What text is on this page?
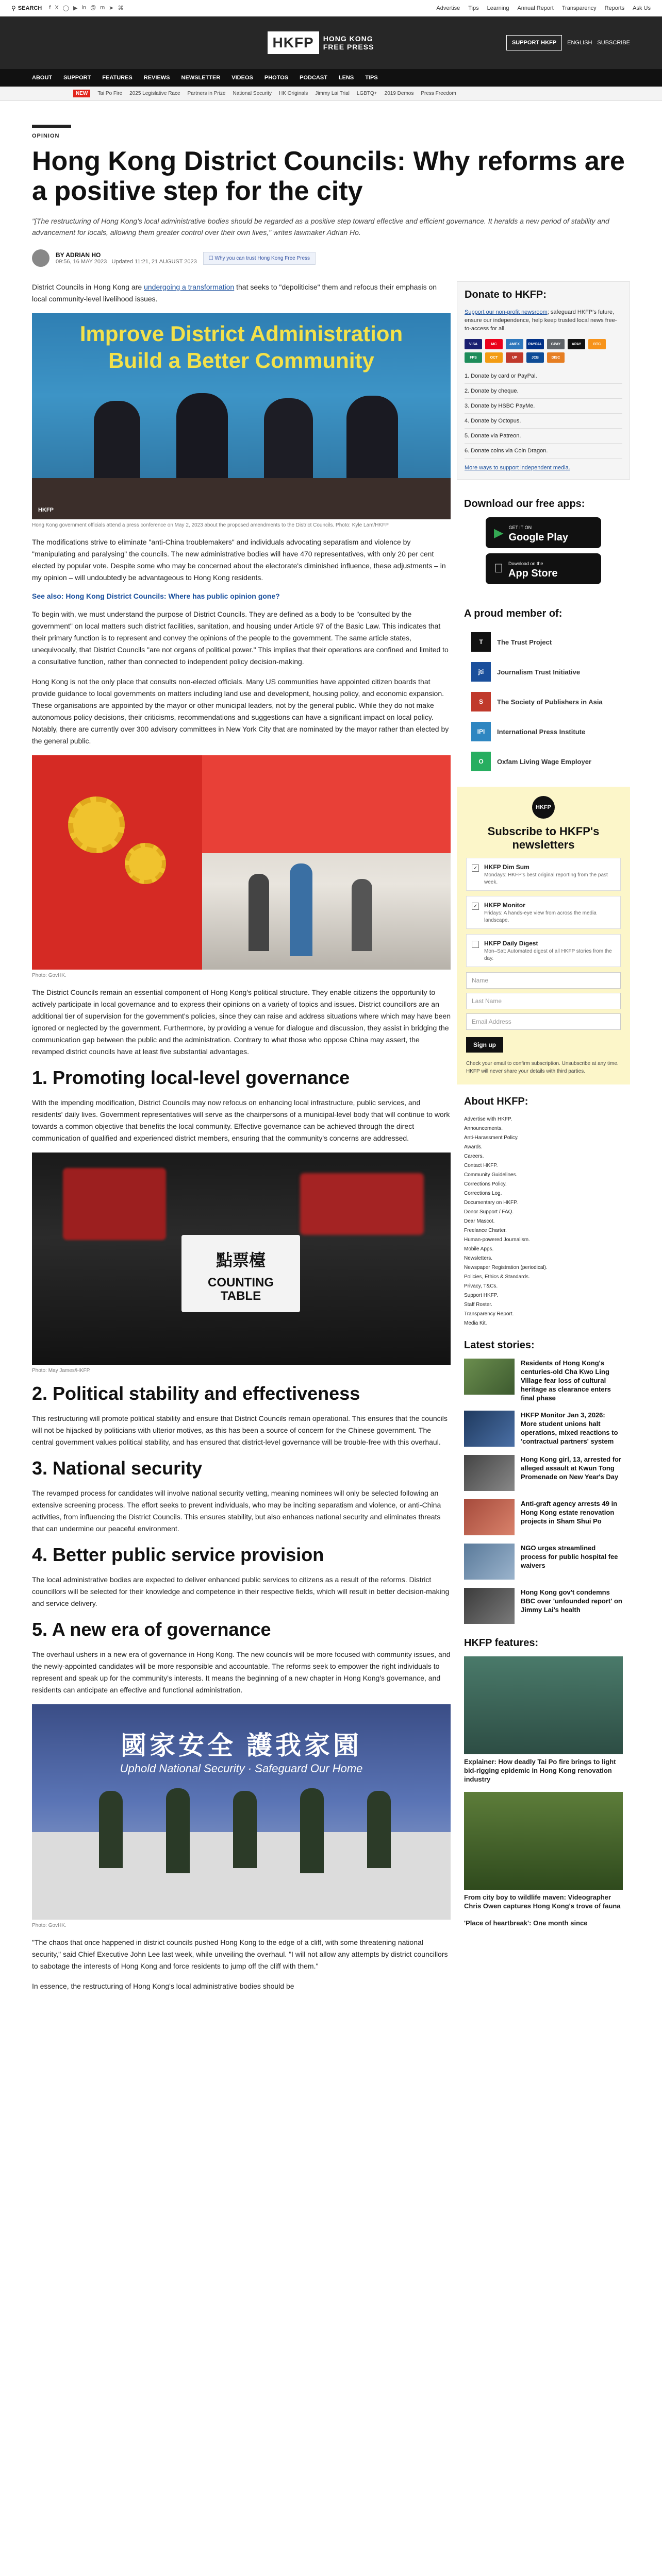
⚲ SEARCH f X ◯ ▶ in @ m ➤ ⌘	Advertise Tips Learning Annual Report Transparency Reports Ask Us
HKFP	HONG KONG
FREE PRESS	SUPPORT HKFP	ENGLISH SUBSCRIBE
ABOUT SUPPORT FEATURES REVIEWS NEWSLETTER VIDEOS PHOTOS PODCAST LENS TIPS
NEW	Tai Po Fire 2025 Legislative Race Partners in Prize National Security HK Originals Jimmy Lai Trial LGBTQ+ 2019 Demos Press Freedom
OPINION
Hong Kong District Councils: Why reforms are a positive step for the city

"[The restructuring of Hong Kong's local administrative bodies should be regarded as a positive step toward effective and efficient governance. It heralds a new period of stability and advancement for locals, allowing them greater control over their own lives," writes lawmaker Adrian Ho.

BY ADRIAN HO
09:56, 16 MAY 2023 Updated 11:21, 21 AUGUST 2023
☐ Why you can trust Hong Kong Free Press

District Councils in Hong Kong are undergoing a transformation that seeks to "depoliticise" them and refocus their emphasis on local community-level livelihood issues.

Improve District Administration
Build a Better Community
HKFP
Hong Kong government officials attend a press conference on May 2, 2023 about the proposed amendments to the District Councils. Photo: Kyle Lam/HKFP

The modifications strive to eliminate "anti-China troublemakers" and individuals advocating separatism and violence by "manipulating and paralysing" the councils. The new administrative bodies will have 470 representatives, with only 20 per cent elected by popular vote. Despite some who may be concerned about the electorate's diminished influence, these adjustments – in my opinion – will undoubtedly be advantageous to Hong Kong residents.

See also: Hong Kong District Councils: Where has public opinion gone?

To begin with, we must understand the purpose of District Councils. They are defined as a body to be "consulted by the government" on local matters such district facilities, sanitation, and housing under Article 97 of the Basic Law. This indicates that their primary function is to represent and convey the opinions of the people to the government. The same article states, unequivocally, that District Councils "are not organs of political power." This implies that their operations are confined and limited to a consultative function, rather than connected to independent policy decision-making.

Hong Kong is not the only place that consults non-elected officials. Many US communities have appointed citizen boards that provide guidance to local governments on matters including land use and development, housing policy, and economic expansion. These organisations are appointed by the mayor or other municipal leaders, not by the general public. While they do not make autonomous policy decisions, their criticisms, recommendations and suggestions can have a significant impact on local policy. Notably, there are currently over 300 advisory committees in New York City that are nominated by the mayor rather than elected by the general public.

Photo: GovHK.

The District Councils remain an essential component of Hong Kong's political structure. They enable citizens the opportunity to actively participate in local governance and to express their opinions on a variety of topics and issues. District councillors are an additional tier of supervision for the government's policies, since they can raise and address situations where which may have been ignored or neglected by the government. Furthermore, by providing a venue for dialogue and discussion, they assist in bridging the communication gap between the public and the administration. Contrary to what those who oppose China may assert, the revamped district councils have at least five substantial advantages.

1. Promoting local-level governance

With the impending modification, District Councils may now refocus on enhancing local infrastructure, public services, and residents' daily lives. Government representatives will serve as the chairpersons of a municipal-level body that will continue to work towards a common objective that benefits the local community. Effective governance can be achieved through the direct communication of qualified and experienced district members, ensuring that the community's concerns are addressed.

點票檯
COUNTING TABLE
Photo: May James/HKFP.
2. Political stability and effectiveness

This restructuring will promote political stability and ensure that District Councils remain operational. This ensures that the councils will not be hijacked by politicians with ulterior motives, as this has been a source of concern for the Chinese government. The central government values political stability, and has ensured that district-level governance will be trouble-free with this overhaul.

3. National security

The revamped process for candidates will involve national security vetting, meaning nominees will only be selected following an extensive screening process. The effort seeks to prevent individuals, who may be inciting separatism and violence, or anti-China activities, from influencing the District Councils. This ensures stability, but also enhances national security and eliminates threats that can undermine our peaceful environment.

4. Better public service provision

The local administrative bodies are expected to deliver enhanced public services to citizens as a result of the reforms. District councillors will be selected for their knowledge and competence in their respective fields, which will result in better decision-making and service delivery.

5. A new era of governance

The overhaul ushers in a new era of governance in Hong Kong. The new councils will be more focused with community issues, and the newly-appointed candidates will be more responsible and accountable. The reforms seek to empower the right individuals to represent and speak up for the community's interests. It means the beginning of a new chapter in Hong Kong's governance, and residents can anticipate an effective and functional administration.

國家安全 護我家園
Uphold National Security · Safeguard Our Home
Photo: GovHK.

"The chaos that once happened in district councils pushed Hong Kong to the edge of a cliff, with some threatening national security," said Chief Executive John Lee last week, while unveiling the overhaul. "I will not allow any attempts by district councillors to sabotage the interests of Hong Kong and force residents to jump off the cliff with them."

In essence, the restructuring of Hong Kong's local administrative bodies should be

Donate to HKFP:
Support our non-profit newsroom; safeguard HKFP's future, ensure our independence, help keep trusted local news free-to-access for all.
VISA	MC	AMEX	PAYPAL	GPAY	APAY	BTC
FPS	OCT	UP	JCB	DISC
1. Donate by card or PayPal.
2. Donate by cheque.
3. Donate by HSBC PayMe.
4. Donate by Octopus.
5. Donate via Patreon.
6. Donate coins via Coin Dragon.
More ways to support independent media.
Download our free apps:
▶ GET IT ON
Google Play
Download on the
App Store
A proud member of:
T	The Trust Project
jti	Journalism Trust Initiative
S	The Society of Publishers in Asia
IPI	International Press Institute
O	Oxfam Living Wage Employer
HKFP
Subscribe to HKFP's newsletters
✓ HKFP Dim Sum
Mondays: HKFP's best original reporting from the past week.
✓ HKFP Monitor
Fridays: A hands-eye view from across the media landscape.
HKFP Daily Digest
Mon–Sat: Automated digest of all HKFP stories from the day.
Name
Last Name
Email Address
Sign up
Check your email to confirm subscription. Unsubscribe at any time. HKFP will never share your details with third parties.
About HKFP:
Advertise with HKFP.
Announcements.
Anti-Harassment Policy.
Awards.
Careers.
Contact HKFP.
Community Guidelines.
Corrections Policy.
Corrections Log.
Documentary on HKFP.
Donor Support / FAQ.
Dear Mascot.
Freelance Charter.
Human-powered Journalism.
Mobile Apps.
Newsletters.
Newspaper Registration (periodical).
Policies, Ethics & Standards.
Privacy, T&Cs.
Support HKFP.
Staff Roster.
Transparency Report.
Media Kit.
Latest stories:
Residents of Hong Kong's centuries-old Cha Kwo Ling Village fear loss of cultural heritage as clearance enters final phase
HKFP Monitor Jan 3, 2026: More student unions halt operations, mixed reactions to 'contractual partners' system
Hong Kong girl, 13, arrested for alleged assault at Kwun Tong Promenade on New Year's Day
Anti-graft agency arrests 49 in Hong Kong estate renovation projects in Sham Shui Po
NGO urges streamlined process for public hospital fee waivers
Hong Kong gov't condemns BBC over 'unfounded report' on Jimmy Lai's health
HKFP features:
Explainer: How deadly Tai Po fire brings to light bid-rigging epidemic in Hong Kong renovation industry
From city boy to wildlife maven: Videographer Chris Owen captures Hong Kong's trove of fauna
'Place of heartbreak': One month since
